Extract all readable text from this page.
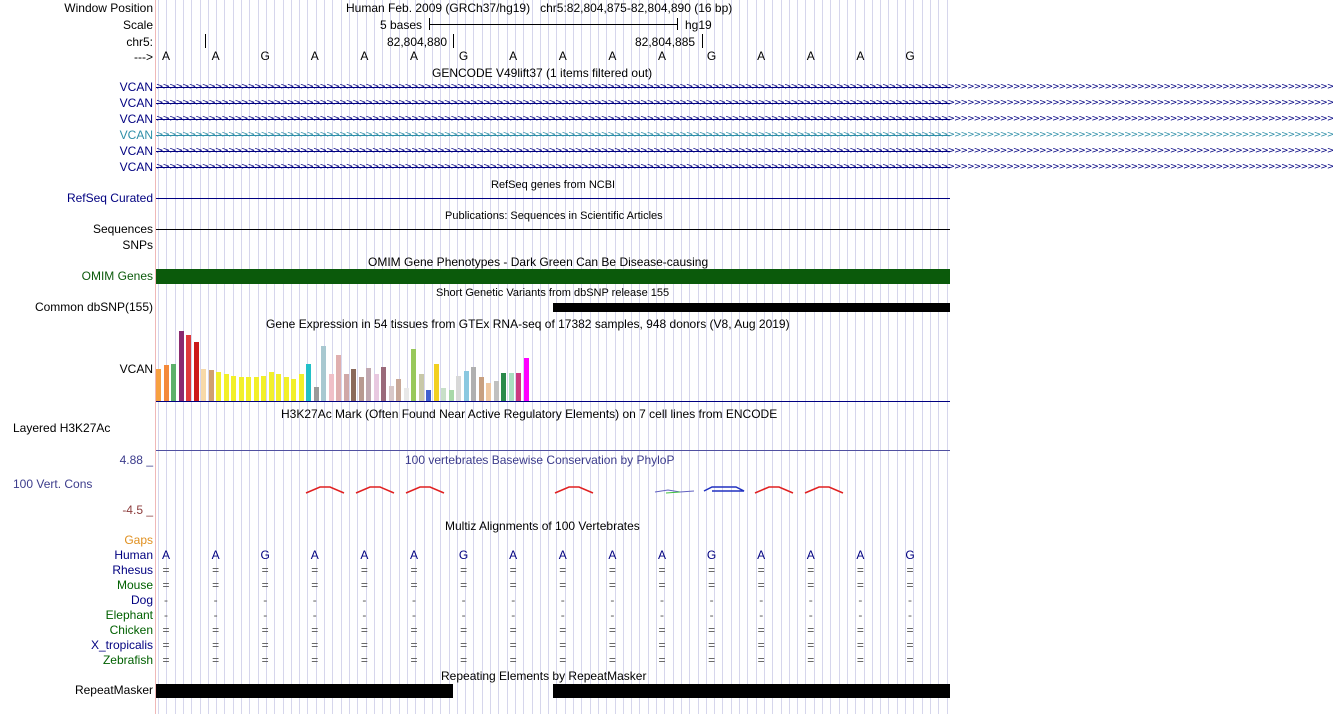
Window Position	Human Feb. 2009 (GRCh37/hg19)   chr5:82,804,875-82,804,890 (16 bp)
Scale	5 bases	hg19
chr5:	82,804,880	82,804,885
---> A	A	G	A	A	A	G	A	A	A	A	G	A	A	A	G
GENCODE V49lift37 (1 items filtered out)
VCAN >>>>>>>>>>>>>>>>>>>>>>>>>>>>>>>>>>>>>>>>>>>>>>>>>>>>>>>>>>>>>>>>>>>>>>>>>>>>>>>>>>>>>>>>>>>>>>>>>>>>>>>>>>>>>>>>>>>>>>>>>>>>>>>>>>>>>>>>>>>>>>>>>>>>>>>>>>>>>>>>>>>>>>>>>>>>>>>>>>>>
VCAN >>>>>>>>>>>>>>>>>>>>>>>>>>>>>>>>>>>>>>>>>>>>>>>>>>>>>>>>>>>>>>>>>>>>>>>>>>>>>>>>>>>>>>>>>>>>>>>>>>>>>>>>>>>>>>>>>>>>>>>>>>>>>>>>>>>>>>>>>>>>>>>>>>>>>>>>>>>>>>>>>>>>>>>>>>>>>>>>>>>>
VCAN >>>>>>>>>>>>>>>>>>>>>>>>>>>>>>>>>>>>>>>>>>>>>>>>>>>>>>>>>>>>>>>>>>>>>>>>>>>>>>>>>>>>>>>>>>>>>>>>>>>>>>>>>>>>>>>>>>>>>>>>>>>>>>>>>>>>>>>>>>>>>>>>>>>>>>>>>>>>>>>>>>>>>>>>>>>>>>>>>>>>
VCAN >>>>>>>>>>>>>>>>>>>>>>>>>>>>>>>>>>>>>>>>>>>>>>>>>>>>>>>>>>>>>>>>>>>>>>>>>>>>>>>>>>>>>>>>>>>>>>>>>>>>>>>>>>>>>>>>>>>>>>>>>>>>>>>>>>>>>>>>>>>>>>>>>>>>>>>>>>>>>>>>>>>>>>>>>>>>>>>>>>>>
VCAN >>>>>>>>>>>>>>>>>>>>>>>>>>>>>>>>>>>>>>>>>>>>>>>>>>>>>>>>>>>>>>>>>>>>>>>>>>>>>>>>>>>>>>>>>>>>>>>>>>>>>>>>>>>>>>>>>>>>>>>>>>>>>>>>>>>>>>>>>>>>>>>>>>>>>>>>>>>>>>>>>>>>>>>>>>>>>>>>>>>>
VCAN >>>>>>>>>>>>>>>>>>>>>>>>>>>>>>>>>>>>>>>>>>>>>>>>>>>>>>>>>>>>>>>>>>>>>>>>>>>>>>>>>>>>>>>>>>>>>>>>>>>>>>>>>>>>>>>>>>>>>>>>>>>>>>>>>>>>>>>>>>>>>>>>>>>>>>>>>>>>>>>>>>>>>>>>>>>>>>>>>>>>
RefSeq genes from NCBI
RefSeq Curated
Publications: Sequences in Scientific Articles
Sequences
SNPs
OMIM Gene Phenotypes - Dark Green Can Be Disease-causing
OMIM Genes
Short Genetic Variants from dbSNP release 155
Common dbSNP(155)
Gene Expression in 54 tissues from GTEx RNA-seq of 17382 samples, 948 donors (V8, Aug 2019)
VCAN
H3K27Ac Mark (Often Found Near Active Regulatory Elements) on 7 cell lines from ENCODE
Layered H3K27Ac
4.88 _	100 vertebrates Basewise Conservation by PhyloP
100 Vert. Cons
-4.5 _
Multiz Alignments of 100 Vertebrates
Gaps
Human A	A	G	A	A	A	G	A	A	A	A	G	A	A	A	G
Rhesus =	=	=	=	=	=	=	=	=	=	=	=	=	=	=	=
Mouse =	=	=	=	=	=	=	=	=	=	=	=	=	=	=	=
Dog -	-	-	-	-	-	-	-	-	-	-	-	-	-	-	-
Elephant -	-	-	-	-	-	-	-	-	-	-	-	-	-	-	-
Chicken =	=	=	=	=	=	=	=	=	=	=	=	=	=	=	=
X_tropicalis =	=	=	=	=	=	=	=	=	=	=	=	=	=	=	=
Zebrafish =	=	=	=	=	=	=	=	=	=	=	=	=	=	=	=
Repeating Elements by RepeatMasker
RepeatMasker
